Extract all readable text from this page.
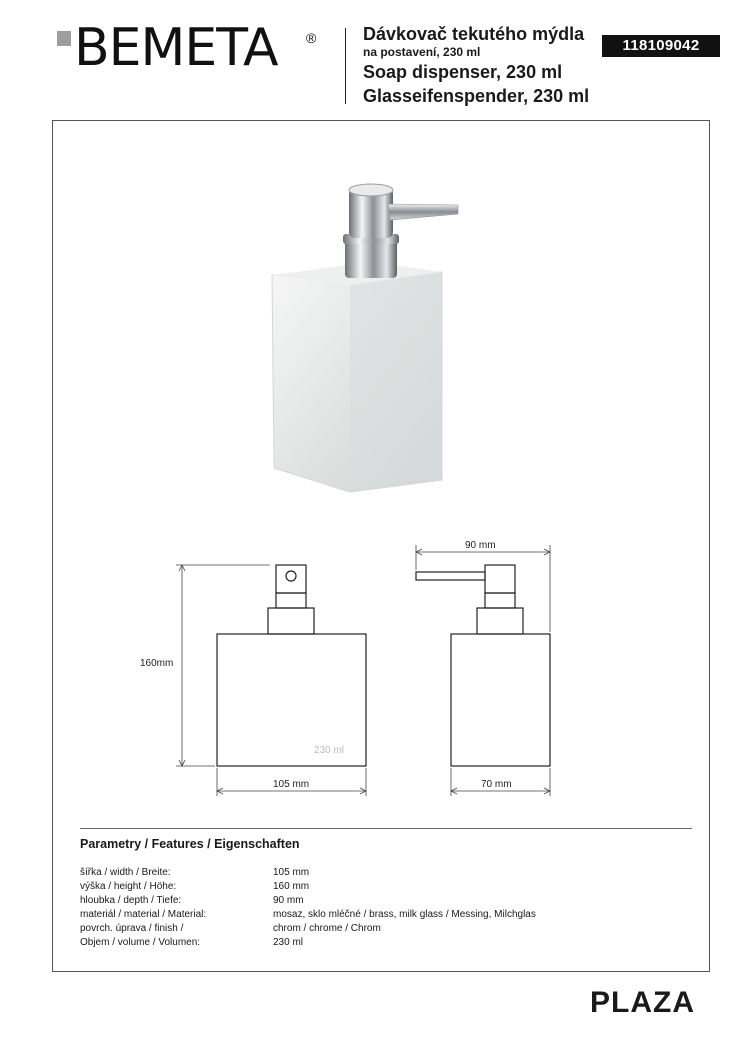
BEMETA ®	Dávkovač tekutého mýdla
na postavení, 230 ml
Soap dispenser, 230 ml
Glasseifenspender, 230 ml
118109042
160mm
105 mm	70 mm
90 mm
230 ml
Parametry / Features / Eigenschaften
šířka / width / Breite:	105 mm
výška / height / Höhe:	160 mm
hloubka / depth / Tiefe:	90 mm
materiál / material / Material:	mosaz, sklo mléčné / brass, milk glass / Messing, Milchglas
povrch. úprava / finish /	chrom / chrome / Chrom
Objem / volume / Volumen:	230 ml
PLAZA
